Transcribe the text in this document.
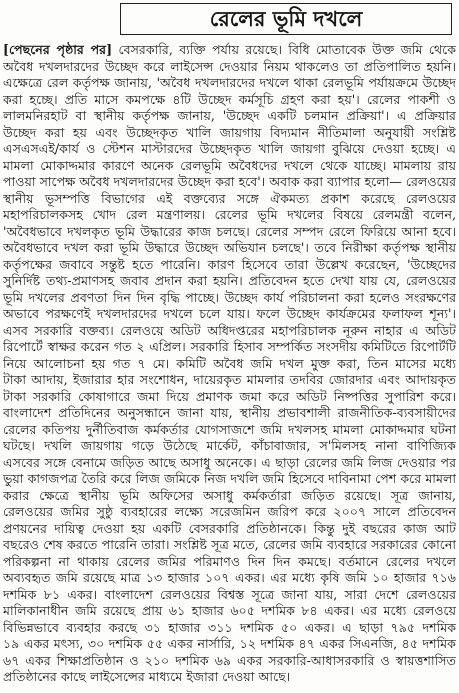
রেলের ভূমি দখলে
[পেছনের পৃষ্ঠার পর] বেসরকারি, ব্যক্তি পর্যায় রয়েছে। বিধি মোতাবেক উক্ত জমি থেকে
অবৈধ দখলদারদের উচ্ছেদ করে লাইসেন্স দেওয়ার নিয়ম থাকলেও তা প্রতিপালিত হয়নি।
এক্ষেত্রে রেল কর্তৃপক্ষ জানায়, 'অবৈধ দখলদারদের দখলে থাকা রেলভূমি পর্যায়ক্রমে উচ্ছেদ
করা হচ্ছে। প্রতি মাসে কমপক্ষে ৪টি উচ্ছেদ কর্মসূচি গ্রহণ করা হয়'। রেলের পাকশী ও
লালমনিরহাট বা স্থানীয় কর্তৃপক্ষ জানায়, 'উচ্ছেদ একটি চলমান প্রক্রিয়া'। এ প্রক্রিয়ার
উচ্ছেদ করা হয় এবং উচ্ছেদকৃত খালি জায়গায় বিদ্যমান নীতিমালা অনুযায়ী সংশ্লিষ্ট
এসএসএই/কার্য ও স্টেশন মাস্টারদের উচ্ছেদকৃত খালি জায়গা বুঝিয়ে দেওয়া হচ্ছে। এ
মামলা মোকাদ্দমার কারণে অনেক রেলভূমি অবৈধদের দখলে থেকে যাচ্ছে। মামলায় রায়
পাওয়া সাপেক্ষ অবৈধ দখলদারদের উচ্ছেদ করা হবে'। অবাক করা ব্যাপার হলো— রেলওয়ের
স্থানীয় ভূসম্পত্তি বিভাগের এই বক্তব্যের সঙ্গে ঐকমত্য প্রকাশ করেছে রেলওয়ের
মহাপরিচালকসহ খোদ রেল মন্ত্রণালয়। রেলের ভূমি দখলের বিষয়ে রেলমন্ত্রী বলেন,
'অবৈধভাবে দখলকৃত ভূমি উদ্ধারের কাজ চলছে। রেলের সম্পদ রেলে ফিরিয়ে আনা হবে।
অবৈধভাবে দখল করা ভূমি উদ্ধারে উচ্ছেদ অভিযান চলছে'। তবে নিরীক্ষা কর্তৃপক্ষ স্থানীয়
কর্তৃপক্ষের জবাবে সন্তুষ্ট হতে পারেনি। কারণ হিসেবে তারা উল্লেখ করেছেন, 'উচ্ছেদের
সুনির্দিষ্ট তথ্য-প্রমাণসহ জবাব প্রদান করা হয়নি। প্রতিবেদন হতে দেখা যায় যে, রেলওয়ের
ভূমি দখলের প্রবণতা দিন দিন বৃদ্ধি পাচ্ছে। উচ্ছেদ কার্য পরিচালনা করা হলেও সংরক্ষণের
অভাবে পরক্ষণেই দখলদারদের দখলে চলে যায়। ফলে উচ্ছেদ কার্যক্রমের ফলাফল শূন্য'।
এসব সরকারি বক্তব্য। রেলওয়ে অডিট অধিদপ্তরের মহাপরিচালক নূরুন নাহার এ অডিট
রিপোর্টে স্বাক্ষর করেন গত ২ এপ্রিল। সরকারি হিসাব সম্পর্কিত সংসদীয় কমিটিতে রিপোর্টটি
নিয়ে আলোচনা হয় গত ৭ মে। কমিটি অবৈধ জমি দখল মুক্ত করা, তিন মাসের মধ্যে
টাকা আদায়, ইজারার হার সংশোধন, দায়েরকৃত মামলার তদবির জোরদার এবং আদায়কৃত
টাকা সরকারি কোষাগারে জমা দিয়ে প্রমাণক জমা করে অডিট নিষ্পত্তির সুপারিশ করে।
বাংলাদেশ প্রতিদিনের অনুসন্ধানে জানা যায়, স্থানীয় প্রভাবশালী রাজনীতিক-ব্যবসায়ীদের
রেলের কতিপয় দুর্নীতিবাজ কর্মকর্তার যোগসাজশে জমি দখলসহ মামলা মোকাদ্দমার ঘটনা
ঘটছে। দখলি জায়গায় গড়ে উঠেছে মার্কেট, কাঁচাবাজার, স'মিলসহ নানা বাণিজ্যিক
এসবের সঙ্গে বেনামে জড়িত আছে অসাধু অনেকে। এ ছাড়া রেলের জমি লিজ দেওয়ার পর
ভুয়া কাগজপত্র তৈরি করে লিজ জমিকে নিজ দখলি জমি হিসেবে দাবিনামা পেশ করে মামলা
করার ক্ষেত্রে স্থানীয় ভূমি অফিসের অসাধু কর্মকর্তারা জড়িত রয়েছে। সূত্র জানায়,
রেলওয়ের জমির সুষ্ঠু ব্যবহারের লক্ষ্যে সরেজমিন জরিপ করে ২০০৭ সালে প্রতিবেদন
প্রণয়নের দায়িত্ব দেওয়া হয় একটি বেসরকারি প্রতিষ্ঠানকে। কিন্তু দুই বছরের কাজ আট
বছরেও শেষ করতে পারেনি তারা। সংশ্লিষ্ট সূত্র মতে, রেলের জমি ব্যবহারে সরকারের কোনো
পরিকল্পনা না থাকায় রেলের জমির পরিমাণও দিন দিন কমছে। বর্তমানে রেলের দখলে
অব্যবহৃত জমি রয়েছে মাত্র ১৩ হাজার ১০৭ একর। এর মধ্যে কৃষি জমি ১০ হাজার ৭১৬
দশমিক ৮১ একর। বাংলাদেশ রেলওয়ের বিশ্বস্ত সূত্রে জানা যায়, সারা দেশে রেলওয়ের
মালিকানাধীন জমি রয়েছে প্রায় ৬১ হাজার ৬০৫ দশমিক ৮৪ একর। এর মধ্যে রেলওয়ে
বিভিন্নভাবে ব্যবহার করছে ৩১ হাজার ৩১১ দশমিক ৫০ একর। এ ছাড়া ৭৯৫ দশমিক
১৯ একর মৎস্য, ৩০ দশমিক ৫৫ একর নার্সারি, ১২ দশমিক ৪৭ একর সিএনজি, ৪৫ দশমিক
৬৭ একর শিক্ষাপ্রতিষ্ঠান ও ২১০ দশমিক ৬৯ একর সরকারি-আধাসরকারি ও স্বায়ত্তশাসিত
প্রতিষ্ঠানের কাছে লাইসেন্সের মাধ্যমে ইজারা দেওয়া আছে।
